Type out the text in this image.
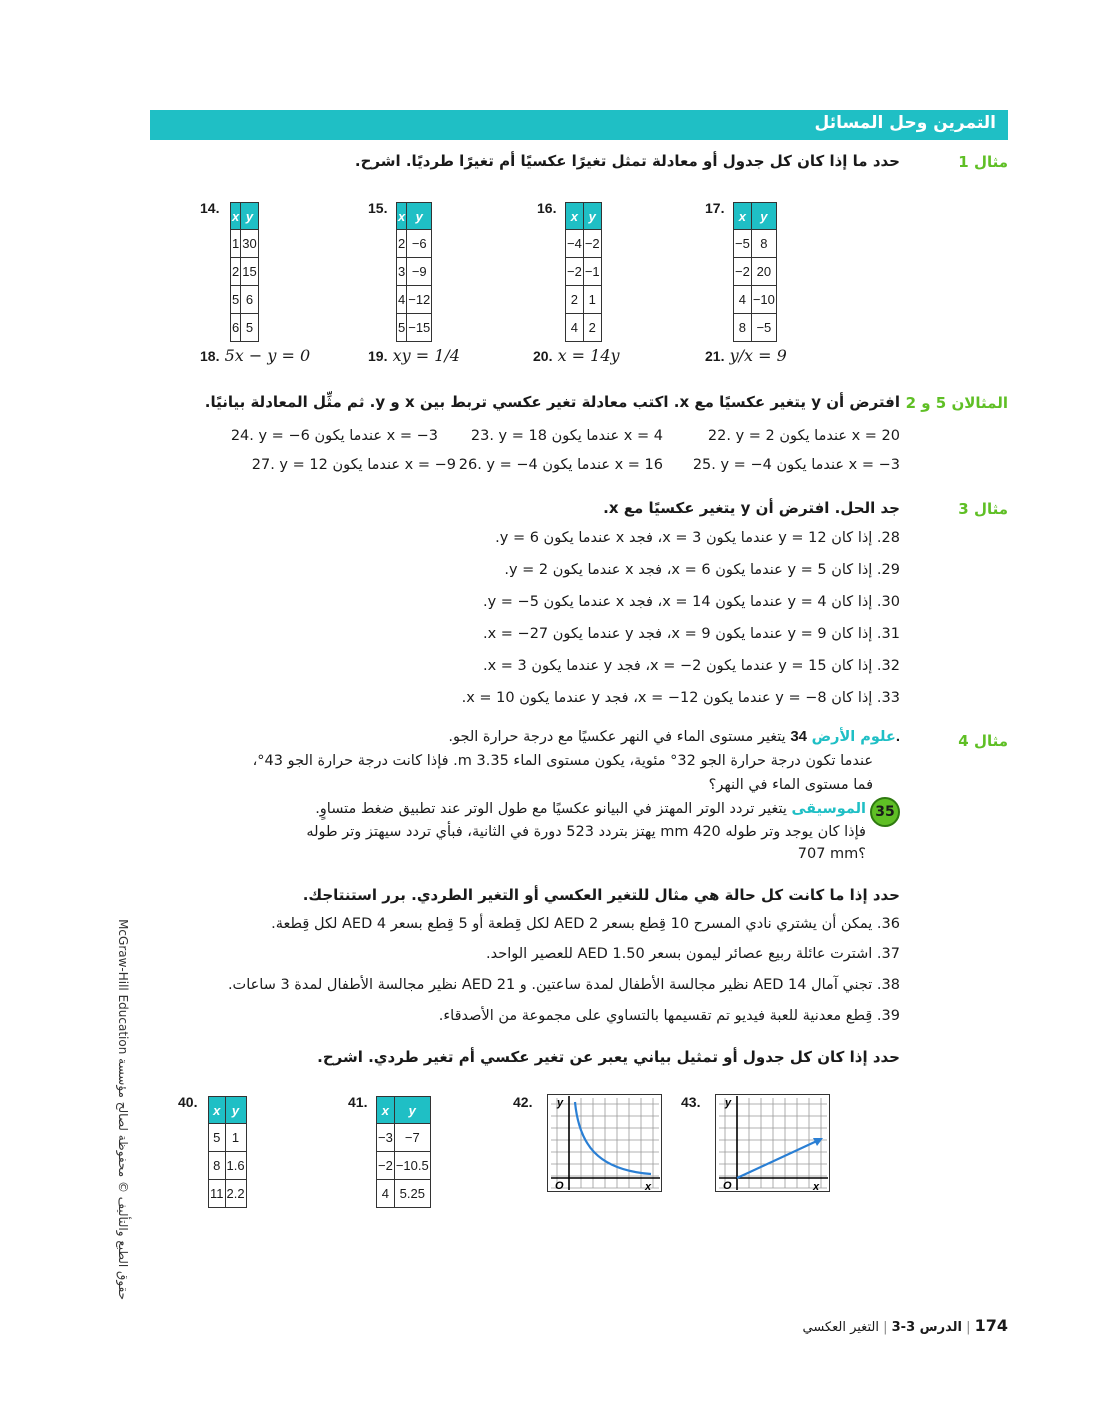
التمرين وحل المسائل
مثال 1
حدد ما إذا كان كل جدول أو معادلة تمثل تغيرًا عكسيًا أم تغيرًا طرديًا. اشرح.
14. x	y
1	30
2	15
5	6
6	5
15. x	y
2	−6
3	−9
4	−12
5	−15
16. x	y
−4	−2
−2	−1
2	1
4	2
17. x	y
−5	8
−2	20
4	−10
8	−5
18. 5x − y = 0	19. xy = 1/4	20. x = 14y	21. y/x = 9
المثالان 5 و 2
افترض أن y يتغير عكسيًا مع x. اكتب معادلة تغير عكسي تربط بين x و y. ثم مثِّل المعادلة بيانيًا.
22. y = 2 عندما يكون x = 20
23. y = 18 عندما يكون x = 4
24. y = −6 عندما يكون x = −3
25. y = −4 عندما يكون x = −3
26. y = −4 عندما يكون x = 16
27. y = 12 عندما يكون x = −9
مثال 3
جد الحل. افترض أن y يتغير عكسيًا مع x.
28. إذا كان y = 12 عندما يكون x = 3، فجد x عندما يكون y = 6.
29. إذا كان y = 5 عندما يكون x = 6، فجد x عندما يكون y = 2.
30. إذا كان y = 4 عندما يكون x = 14، فجد x عندما يكون y = −5.
31. إذا كان y = 9 عندما يكون x = 9، فجد y عندما يكون x = −27.
32. إذا كان y = 15 عندما يكون x = −2، فجد y عندما يكون x = 3.
33. إذا كان y = −8 عندما يكون x = −12، فجد y عندما يكون x = 10.
مثال 4
يتغير مستوى الماء في النهر عكسيًا مع درجة حرارة الجو. علوم الأرض 34.
عندما تكون درجة حرارة الجو 32° مئوية، يكون مستوى الماء 3.35 m. فإذا كانت درجة حرارة الجو 43°،
فما مستوى الماء في النهر؟
35
يتغير تردد الوتر المهتز في البيانو عكسيًا مع طول الوتر عند تطبيق ضغط متساوٍ. الموسيقى
فإذا كان يوجد وتر طوله 420 mm يهتز بتردد 523 دورة في الثانية، فبأي تردد سيهتز وتر طوله
707 mm؟
حدد إذا ما كانت كل حالة هي مثال للتغير العكسي أو التغير الطردي. برر استنتاجك.
36. يمكن أن يشتري نادي المسرح 10 قِطع بسعر AED 2 لكل قِطعة أو 5 قِطع بسعر AED 4 لكل قِطعة.
37. اشترت عائلة ربيع عصائر ليمون بسعر AED 1.50 للعصير الواحد.
38. تجني آمال AED 14 نظير مجالسة الأطفال لمدة ساعتين. و AED 21 نظير مجالسة الأطفال لمدة 3 ساعات.
39. قِطع معدنية للعبة فيديو تم تقسيمها بالتساوي على مجموعة من الأصدقاء.
حدد إذا كان كل جدول أو تمثيل بياني يعبر عن تغير عكسي أم تغير طردي. اشرح.
40. x	y
5	1
8	1.6
11	2.2
41. x	y
−3	−7
−2	−10.5
4	5.25
42. y
O	x
43. y
O	x
حقوق الطبع والتأليف © محفوظة لصالح مؤسسة McGraw-Hill Education
التغير العكسي | الدرس 3-3 | 174
